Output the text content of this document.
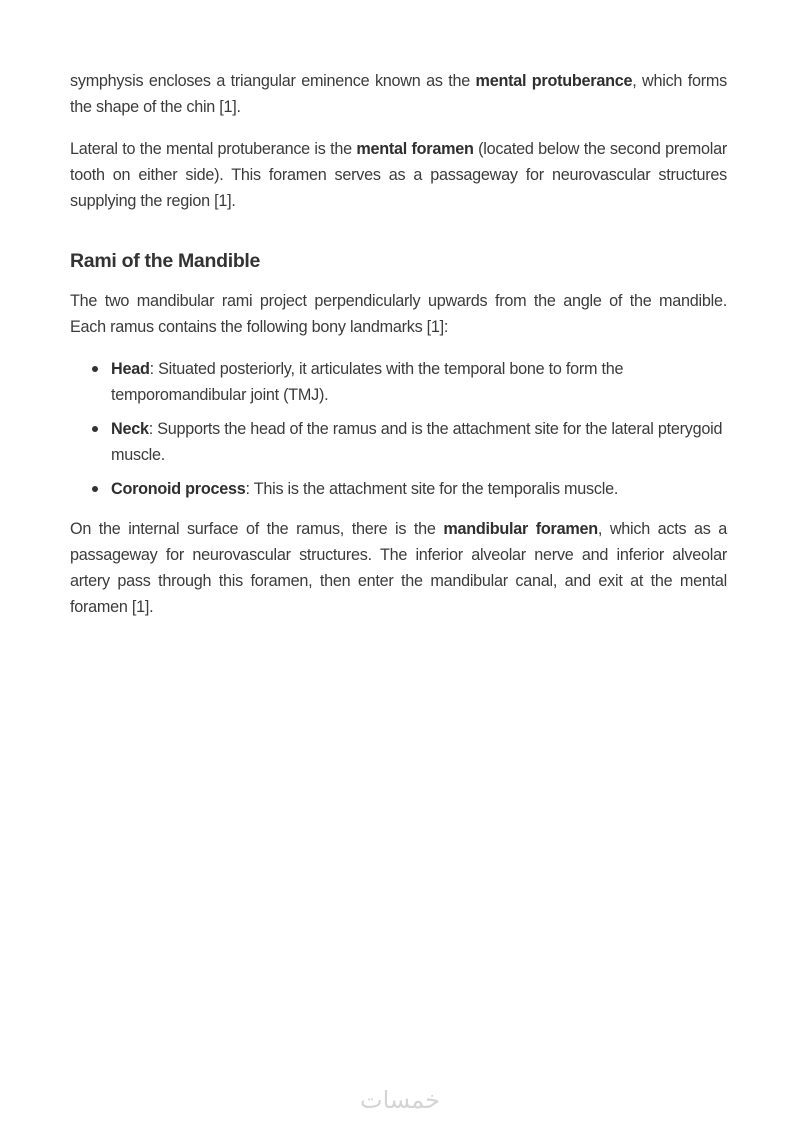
symphysis encloses a triangular eminence known as the mental protuberance, which forms the shape of the chin [1].

Lateral to the mental protuberance is the mental foramen (located below the second premolar tooth on either side). This foramen serves as a passageway for neurovascular structures supplying the region [1].

Rami of the Mandible

The two mandibular rami project perpendicularly upwards from the angle of the mandible. Each ramus contains the following bony landmarks [1]:

Head: Situated posteriorly, it articulates with the temporal bone to form the temporomandibular joint (TMJ).
Neck: Supports the head of the ramus and is the attachment site for the lateral pterygoid muscle.
Coronoid process: This is the attachment site for the temporalis muscle.

On the internal surface of the ramus, there is the mandibular foramen, which acts as a passageway for neurovascular structures. The inferior alveolar nerve and inferior alveolar artery pass through this foramen, then enter the mandibular canal, and exit at the mental foramen [1].

خمسات
